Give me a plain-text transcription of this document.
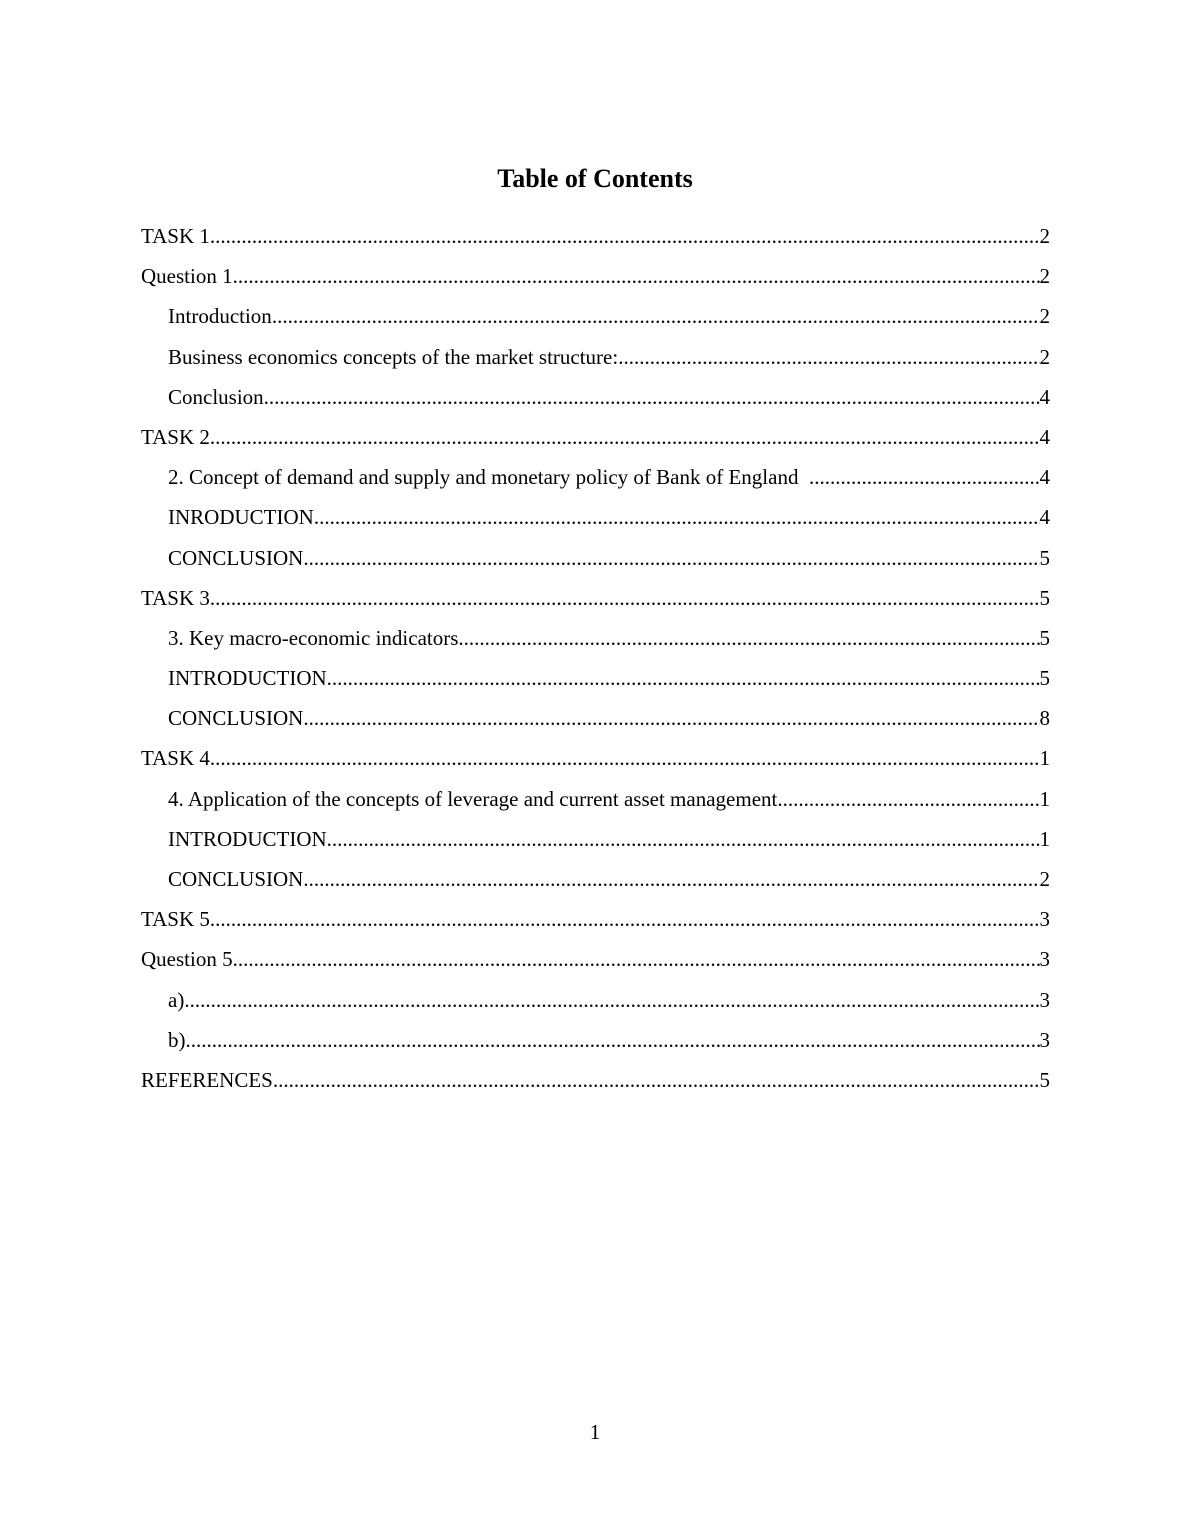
Table of Contents
TASK 1 .....	2
Question 1 .....	2
Introduction .....	2
Business economics concepts of the market structure: .....	2
Conclusion .....	4
TASK 2 .....	4
2. Concept of demand and supply and monetary policy of Bank of England .....	4
INRODUCTION .....	4
CONCLUSION .....	5
TASK 3 .....	5
3. Key macro-economic indicators .....	5
INTRODUCTION .....	5
CONCLUSION .....	8
TASK 4 .....	1
4. Application of the concepts of leverage and current asset management .....	1
INTRODUCTION .....	1
CONCLUSION .....	2
TASK 5 .....	3
Question 5 .....	3
a) .....	3
b) .....	3
REFERENCES .....	5
1
